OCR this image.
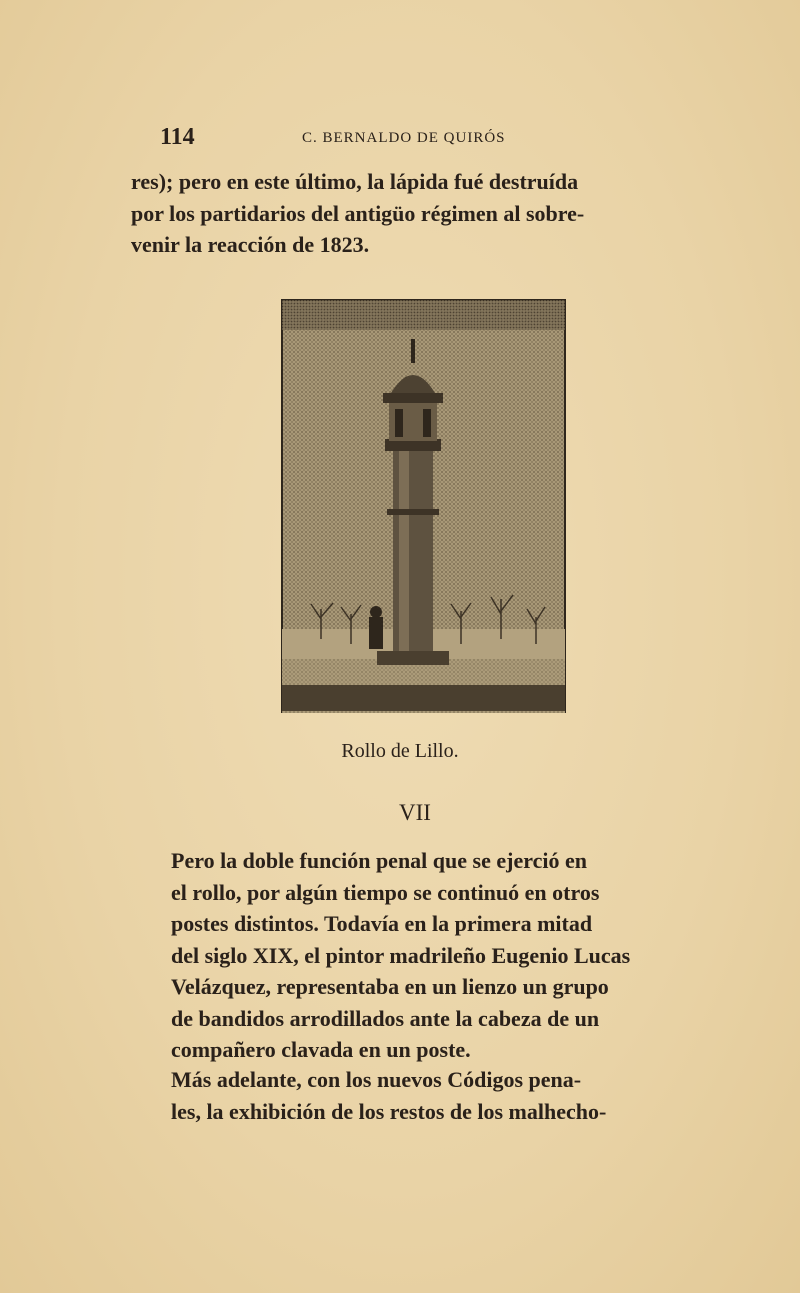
114	C. BERNALDO DE QUIRÓS
res); pero en este último, la lápida fué destruída
por los partidarios del antigüo régimen al sobre-
venir la reacción de 1823.
Rollo de Lillo.
VII
Pero la doble función penal que se ejerció en
el rollo, por algún tiempo se continuó en otros
postes distintos. Todavía en la primera mitad
del siglo XIX, el pintor madrileño Eugenio Lucas
Velázquez, representaba en un lienzo un grupo
de bandidos arrodillados ante la cabeza de un
compañero clavada en un poste.
Más adelante, con los nuevos Códigos pena-
les, la exhibición de los restos de los malhecho-
